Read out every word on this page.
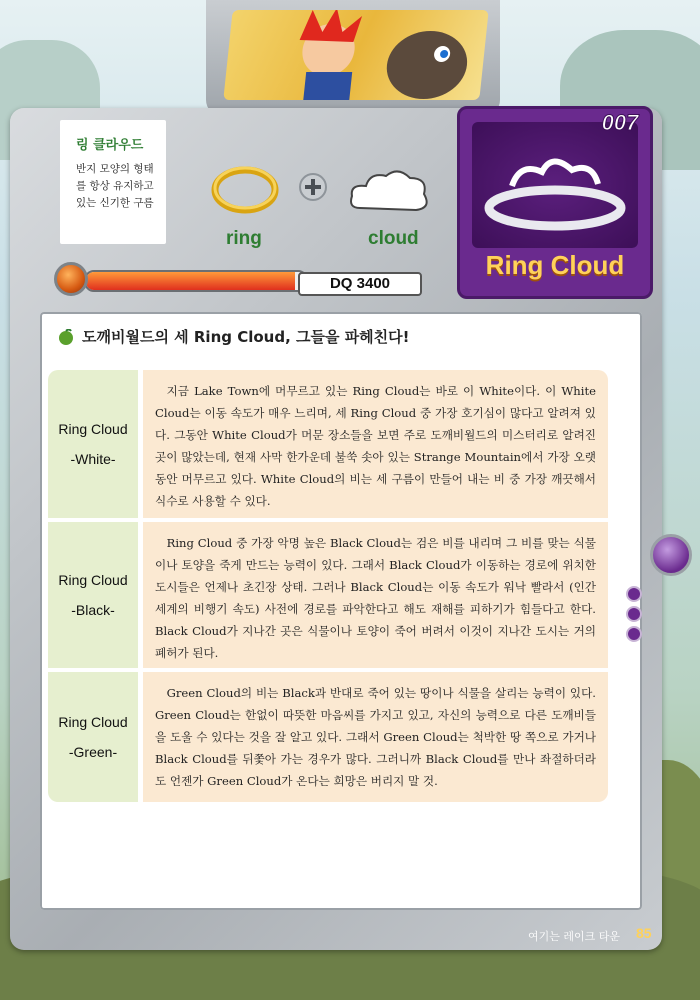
링 클라우드
반지 모양의 형태
를 항상 유지하고
있는 신기한 구름
ring	cloud
007
Ring Cloud
DQ 3400
도깨비월드의 세 Ring Cloud, 그들을 파헤친다!
Ring Cloud
-White-
지금 Lake Town에 머무르고 있는 Ring Cloud는 바로 이 White이다. 이 White Cloud는 이동 속도가 매우 느리며, 세 Ring Cloud 중 가장 호기심이 많다고 알려져 있다. 그동안 White Cloud가 머문 장소들을 보면 주로 도깨비월드의 미스터리로 알려진 곳이 많았는데, 현재 사막 한가운데 불쑥 솟아 있는 Strange Mountain에서 가장 오랫동안 머무르고 있다. White Cloud의 비는 세 구름이 만들어 내는 비 중 가장 깨끗해서 식수로 사용할 수 있다.
Ring Cloud
-Black-
Ring Cloud 중 가장 악명 높은 Black Cloud는 검은 비를 내리며 그 비를 맞는 식물이나 토양을 죽게 만드는 능력이 있다. 그래서 Black Cloud가 이동하는 경로에 위치한 도시들은 언제나 초긴장 상태. 그러나 Black Cloud는 이동 속도가 워낙 빨라서 (인간 세계의 비행기 속도) 사전에 경로를 파악한다고 해도 재해를 피하기가 힘들다고 한다. Black Cloud가 지나간 곳은 식물이나 토양이 죽어 버려서 이것이 지나간 도시는 거의 폐허가 된다.
Ring Cloud
-Green-
Green Cloud의 비는 Black과 반대로 죽어 있는 땅이나 식물을 살리는 능력이 있다. Green Cloud는 한없이 따뜻한 마음씨를 가지고 있고, 자신의 능력으로 다른 도깨비들을 도울 수 있다는 것을 잘 알고 있다. 그래서 Green Cloud는 척박한 땅 쪽으로 가거나 Black Cloud를 뒤쫓아 가는 경우가 많다. 그러니까 Black Cloud를 만나 좌절하더라도 언젠가 Green Cloud가 온다는 희망은 버리지 말 것.
여기는 레이크 타운 85
